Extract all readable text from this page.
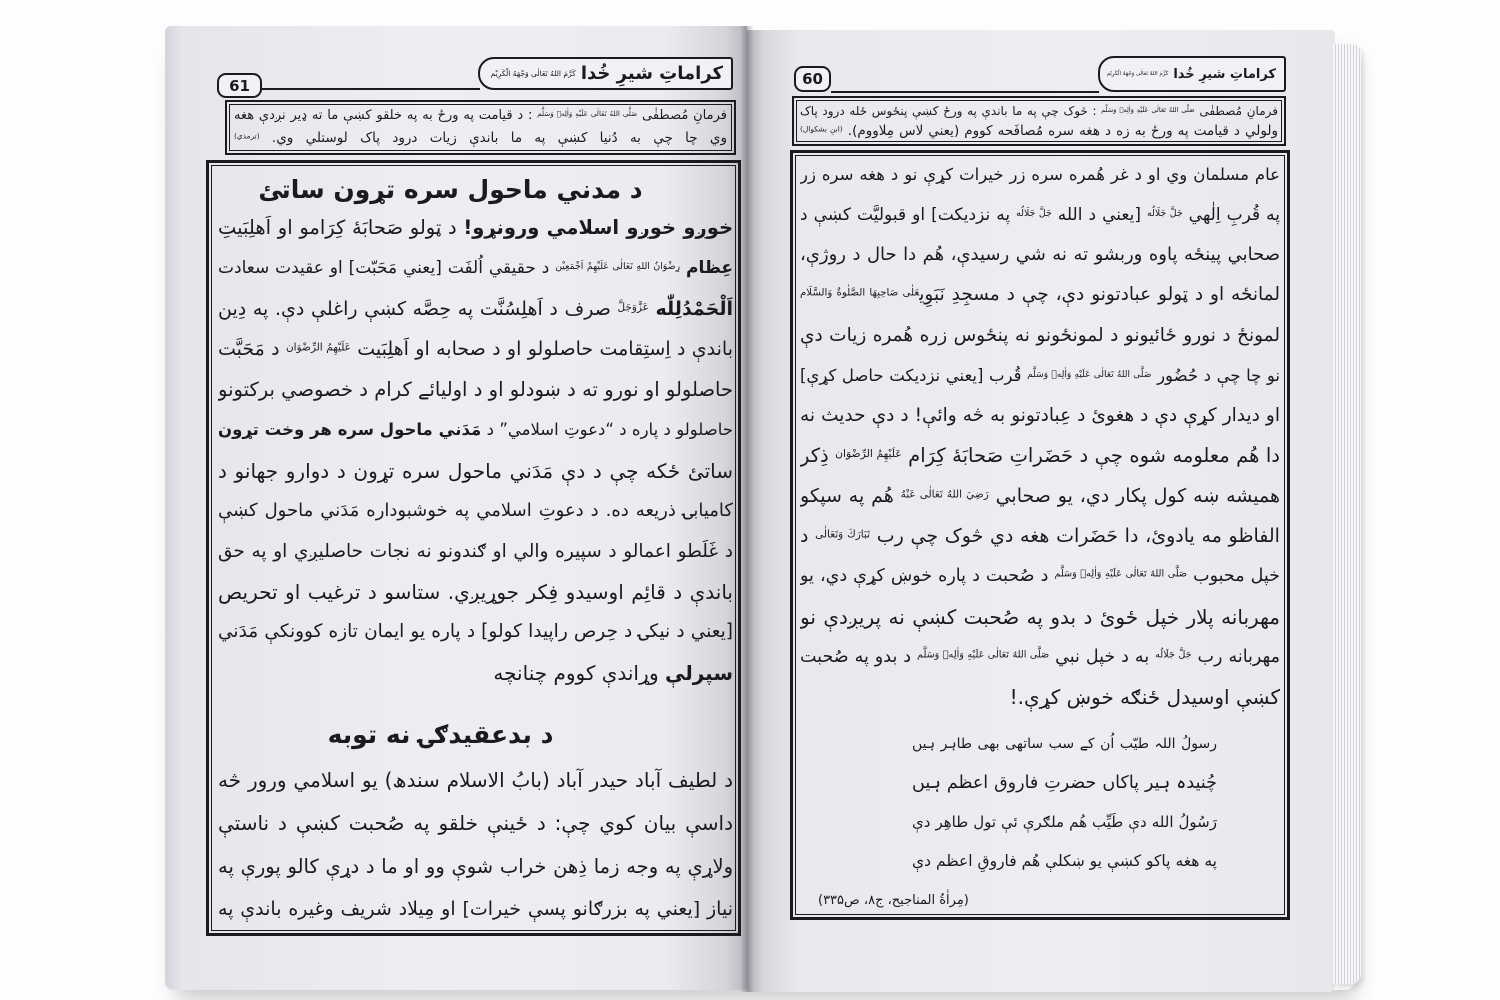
61
کراماتِ شیرِ خُدا
كَرَّمَ اللهُ تَعَالٰى وَجْهَهُ الْكَرِيْم
فرمانِ مُصطفٰی $^{صَلَّى اللهُ تَعَالٰى عَلَيْهِ وَاٰلِهٖ وَسَلَّم}$ : د قیامت په ورځ به په خلقو کښې ما ته ډیر نږدې هغه
وي چا چې به دُنیا کښې په ما باندې زیات درود پاک لوستلي وي. $^{(ترمذي)}$
د مدني ماحول سره تړون ساتئ
خوږو خوږو اسلامي ورونړو! د ټولو صَحابَهٔ کِرَامو او اَهلِبَيتِ
عِظام $^{رِضْوَانُ اللهِ تَعَالٰى عَلَيْهِمْ اَجْمَعِيْن}$ د حقیقي اُلفَت [یعني مَحَبّت] او عقیدت سعادت
اَلْحَمْدُلِلّٰه $^{عَزَّوَجَلَّ}$ صرف د اَهلِسُنَّت په حِصَّه کښې راغلې دې. په دِین
باندې د اِستِقامت حاصلولو او د صحابه او اَهلِبَيت $^{عَلَيْهِمُ الرِّضْوَان}$ د مَحَبَّت
حاصلولو او نورو ته د ښودلو او د اولیائے کرام د خصوصي برکتونو
حاصلولو د پاره د “دعوتِ اسلامي” د مَدَني ماحول سره هر وخت تړون
ساتئ ځکه چې د دې مَدَني ماحول سره تړون د دوارو جهانو د
کامیابۍ ذریعه ده. د دعوتِ اسلامي په خوشبوداره مَدَني ماحول کښې
د غَلَطو اعمالو د سپیره والي او ګندونو نه نجات حاصلیږي او په حق
باندې د قائِم اوسیدو فِکر جوړیږي. ستاسو د ترغیب او تحریص
[یعني د نیکۍ د حِرص راپیدا کولو] د پاره یو ایمان تازه کوونکې مَدَني
سپرلې وړاندې کووم چنانچه
د بدعقیدګۍ نه توبه
د لطیف آباد حیدر آباد (بابُ الاسلام سندھ) یو اسلامي ورور څه
داسې بیان کوي چې: د ځینې خلقو په صُحبت کښې د ناستې
ولاړې په وجه زما ذِهن خراب شوې وو او ما د دړې کالو پورې په
نیاز [یعني په بزرګانو پسې خیرات] او مِیلاد شریف وغیره باندې په
60	کراماتِ شیرِ خُدا
كَرَّمَ اللهُ تَعَالٰى وَجْهَهُ الْكَرِيْم
فرمانِ مُصطفٰی $^{صَلَّى اللهُ تَعَالٰى عَلَيْهِ وَاٰلِهٖ وَسَلَّم}$ : څوک چې په ما باندې په ورځ کښې پنځوس ځله درود پاک
ولولي د قیامت په ورځ به زه د هغه سره مُصافَحه کووم (یعني لاس مِلاووم). $^{(ابنِ بشکوال)}$
عام مسلمان وي او د غر هُمره سره زر خیرات کړې نو د هغه سره زر
په قُربِ اِلٰهي $^{جَلَّ جَلَالُه}$ [یعني د الله $^{جَلَّ جَلَالُه}$ په نزدیکت] او قبولیَّت کښې د
صحابي پینځه پاوه وربشو ته نه شي رسیدې، هُم دا حال د روژې،
لمانځه او د ټولو عبادتونو دې، چې د مسجِدِ نَبَوِي$^{عَلٰى صَاحِبِهَا الصَّلٰوةُ وَالسَّلَام}$
لمونځ د نورو ځائیونو د لمونځونو نه پنځوس زره هُمره زیات دې
نو چا چې د حُضُور $^{صَلَّى اللهُ تَعَالٰى عَلَيْهِ وَاٰلِهٖ وَسَلَّم}$ قُرب [یعني نزدیکت حاصل کړې]
او دیدار کړې دې د هغوئ د عِبادتونو به څه وائې! د دې حدیث نه
دا هُم معلومه شوه چې د حَضَراتِ صَحابَهٔ کِرَام $^{عَلَيْهِمُ الرِّضْوَان}$ ذِکر
همیشه ښه کول پکار دي، یو صحابي $^{رَضِيَ اللهُ تَعَالٰى عَنْهُ}$ هُم په سپکو
الفاظو مه یادوئ، دا حَضَرات هغه دي څوک چې رب $^{تَبَارَكَ وَتَعَالٰى}$ د
خپل محبوب $^{صَلَّى اللهُ تَعَالٰى عَلَيْهِ وَاٰلِهٖ وَسَلَّم}$ د صُحبت د پاره خوښ کړې دي، یو
مهربانه پلار خپل ځوئ د بدو په صُحبت کښې نه پریږدې نو
مهربانه رب $^{جَلَّ جَلَالُه}$ به د خپل نبي $^{صَلَّى اللهُ تَعَالٰى عَلَيْهِ وَاٰلِهٖ وَسَلَّم}$ د بدو په صُحبت
کښې اوسیدل ځنګه خوښ کړې.!
رسولُ اللہ طیّب اُن کے سب ساتھی بھی طاہر ہیں
چُنیدہ ہیر پاکاں حضرتِ فاروق اعظم ہیں
رَسُولُ الله دې طَيِّب هُم ملګرې ئې تول طاهِر دې
په هغه پاکو کښې يو ښکلې هُم فاروقِ اعظم دې
(مِراٰةُ المناجیح، ج۸، ص۳۳۵)
